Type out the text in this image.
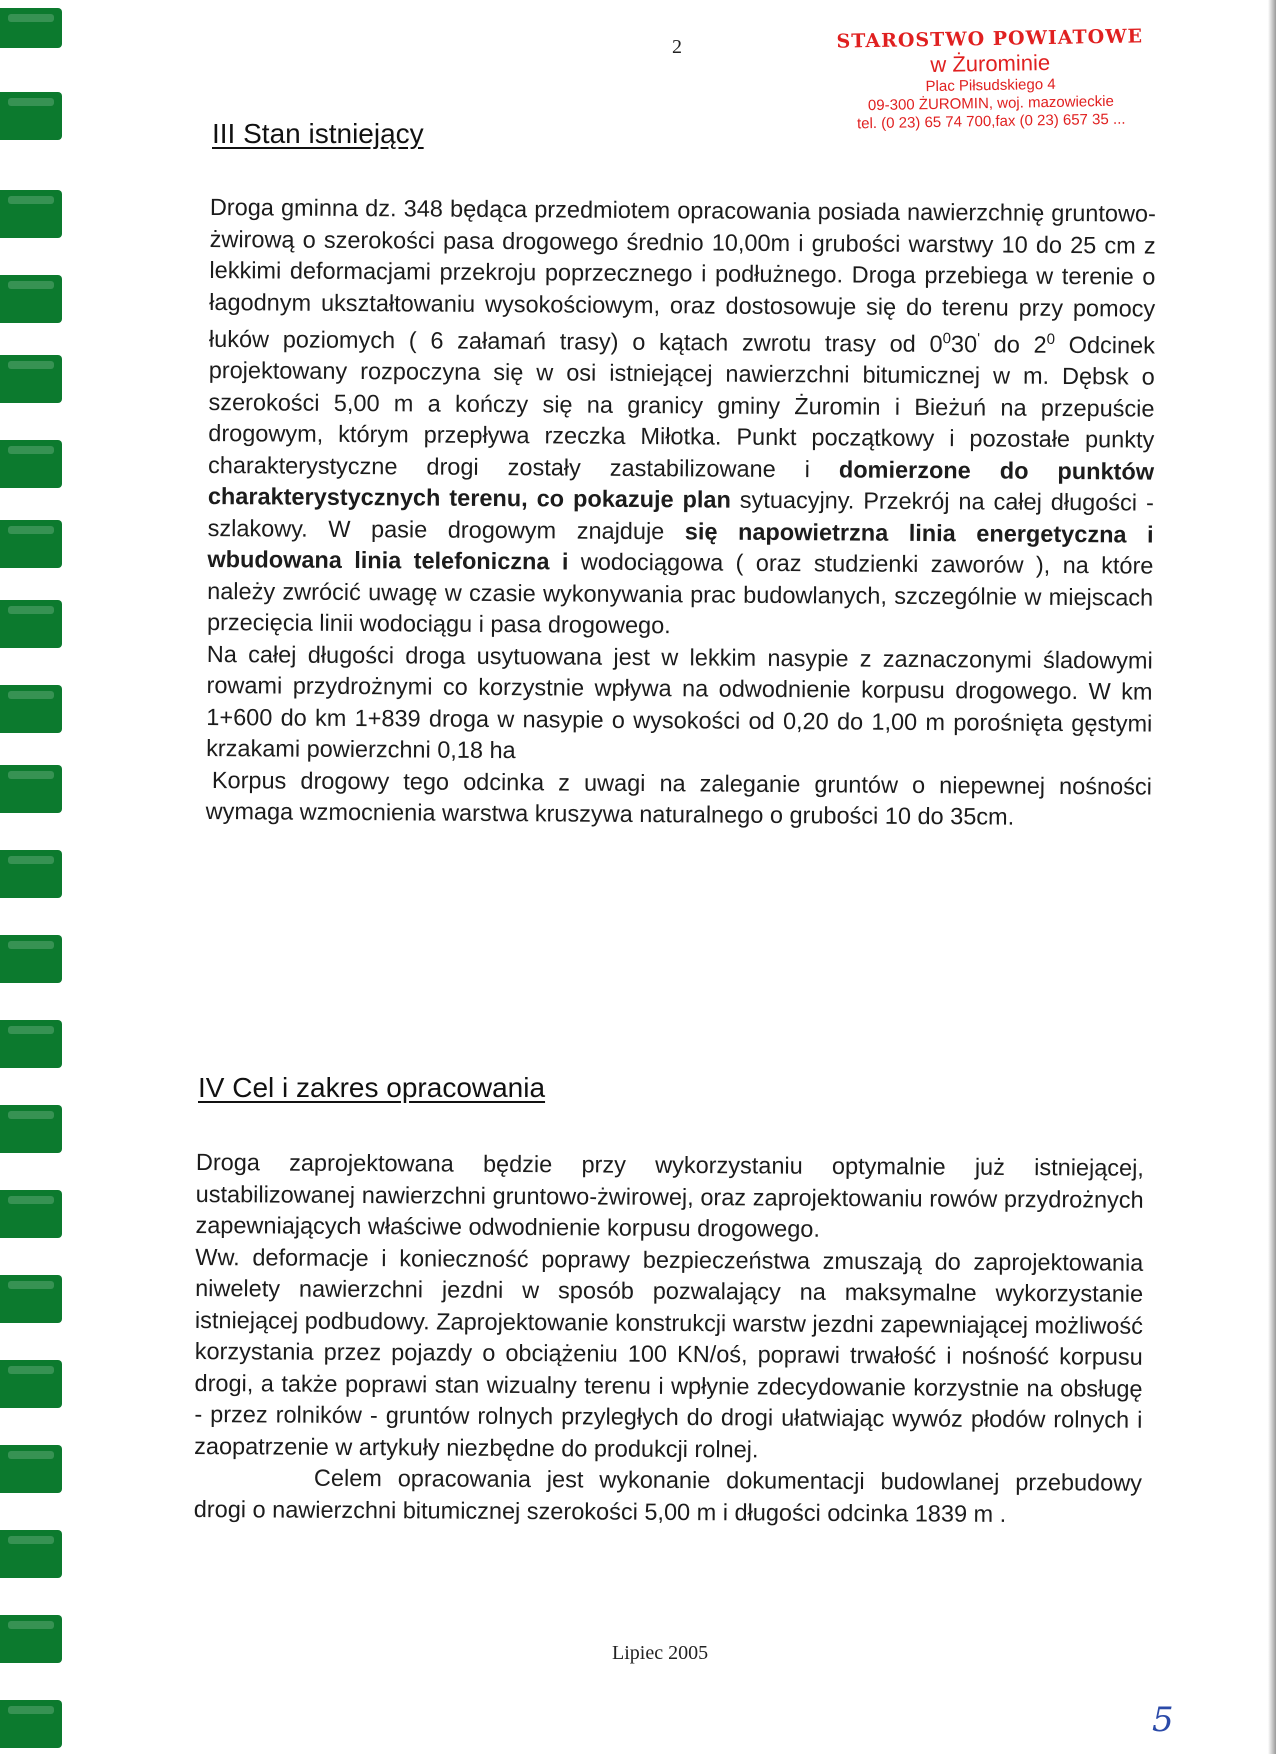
2	STAROSTWO POWIATOWE
w Żurominie
Plac Piłsudskiego 4
09-300 ŻUROMIN, woj. mazowieckie
tel. (0 23) 65 74 700,fax (0 23) 657 35 ...
III Stan istniejący

Droga gminna dz. 348 będąca przedmiotem opracowania posiada nawierzchnię gruntowo-żwirową o szerokości pasa drogowego średnio 10,00m i grubości warstwy 10 do 25 cm z lekkimi deformacjami przekroju poprzecznego i podłużnego. Droga przebiega w terenie o łagodnym ukształtowaniu wysokościowym, oraz dostosowuje się do terenu przy pomocy łuków poziomych ( 6 załamań trasy) o kątach zwrotu trasy od $0^030'$ do $2^0$ Odcinek projektowany rozpoczyna się w osi istniejącej nawierzchni bitumicznej w m. Dębsk o szerokości 5,00 m a kończy się na granicy gminy Żuromin i Bieżuń na przepuście drogowym, którym przepływa rzeczka Miłotka. Punkt początkowy i pozostałe punkty charakterystyczne drogi zostały zastabilizowane i domierzone do punktów charakterystycznych terenu, co pokazuje plan sytuacyjny. Przekrój na całej długości - szlakowy. W pasie drogowym znajduje się napowietrzna linia energetyczna i wbudowana linia telefoniczna i wodociągowa ( oraz studzienki zaworów ), na które należy zwrócić uwagę w czasie wykonywania prac budowlanych, szczególnie w miejscach przecięcia linii wodociągu i pasa drogowego.

Na całej długości droga usytuowana jest w lekkim nasypie z zaznaczonymi śladowymi rowami przydrożnymi co korzystnie wpływa na odwodnienie korpusu drogowego. W km 1+600 do km 1+839 droga w nasypie o wysokości od 0,20 do 1,00 m porośnięta gęstymi krzakami powierzchni 0,18 ha

Korpus drogowy tego odcinka z uwagi na zaleganie gruntów o niepewnej nośności wymaga wzmocnienia warstwa kruszywa naturalnego o grubości 10 do 35cm.

IV Cel i zakres opracowania

Droga zaprojektowana będzie przy wykorzystaniu optymalnie już istniejącej, ustabilizowanej nawierzchni gruntowo-żwirowej, oraz zaprojektowaniu rowów przydrożnych zapewniających właściwe odwodnienie korpusu drogowego.

Ww. deformacje i konieczność poprawy bezpieczeństwa zmuszają do zaprojektowania niwelety nawierzchni jezdni w sposób pozwalający na maksymalne wykorzystanie istniejącej podbudowy. Zaprojektowanie konstrukcji warstw jezdni zapewniającej możliwość korzystania przez pojazdy o obciążeniu 100 KN/oś, poprawi trwałość i nośność korpusu drogi, a także poprawi stan wizualny terenu i wpłynie zdecydowanie korzystnie na obsługę - przez rolników - gruntów rolnych przyległych do drogi ułatwiając wywóz płodów rolnych i zaopatrzenie w artykuły niezbędne do produkcji rolnej.

Celem opracowania jest wykonanie dokumentacji budowlanej przebudowy drogi o nawierzchni bitumicznej szerokości 5,00 m i długości odcinka 1839 m .

Lipiec 2005
5
